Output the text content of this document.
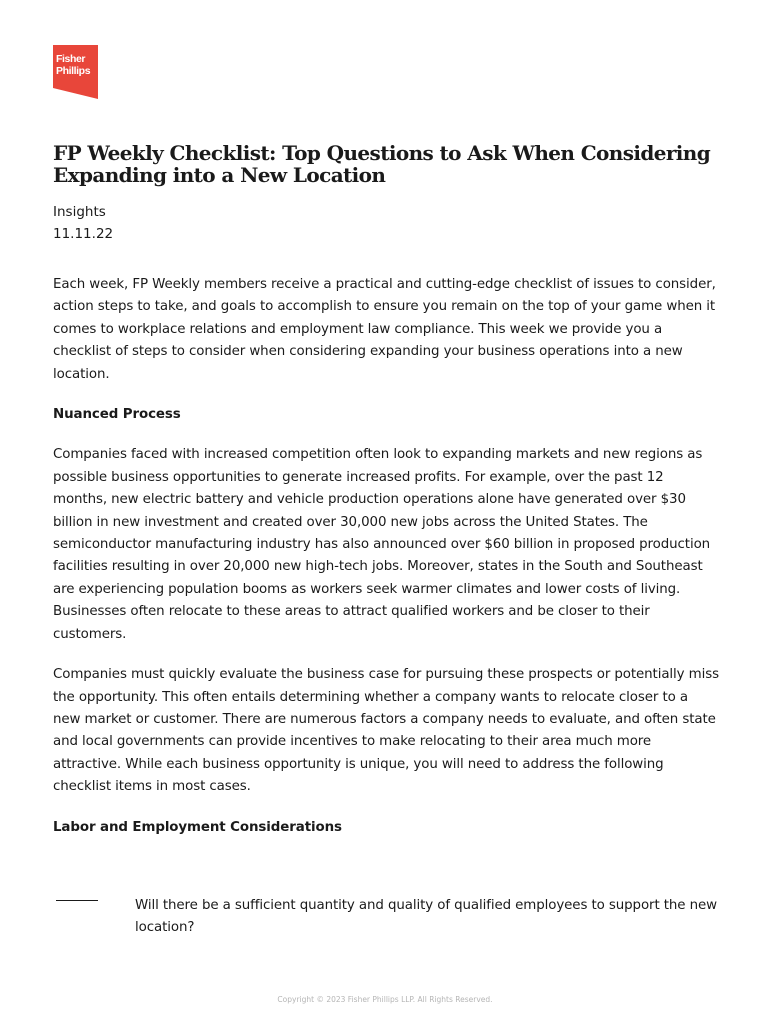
Fisher
Phillips
FP Weekly Checklist: Top Questions to Ask When Considering Expanding into a New Location
Insights
11.11.22

Each week, FP Weekly members receive a practical and cutting-edge checklist of issues to consider, action steps to take, and goals to accomplish to ensure you remain on the top of your game when it comes to workplace relations and employment law compliance. This week we provide you a checklist of steps to consider when considering expanding your business operations into a new location.

Nuanced Process

Companies faced with increased competition often look to expanding markets and new regions as possible business opportunities to generate increased profits. For example, over the past 12 months, new electric battery and vehicle production operations alone have generated over $30 billion in new investment and created over 30,000 new jobs across the United States. The semiconductor manufacturing industry has also announced over $60 billion in proposed production facilities resulting in over 20,000 new high-tech jobs. Moreover, states in the South and Southeast are experiencing population booms as workers seek warmer climates and lower costs of living. Businesses often relocate to these areas to attract qualified workers and be closer to their customers.

Companies must quickly evaluate the business case for pursuing these prospects or potentially miss the opportunity. This often entails determining whether a company wants to relocate closer to a new market or customer. There are numerous factors a company needs to evaluate, and often state and local governments can provide incentives to make relocating to their area much more attractive. While each business opportunity is unique, you will need to address the following checklist items in most cases.

Labor and Employment Considerations
Will there be a sufficient quantity and quality of qualified employees to support the new location?
Copyright © 2023 Fisher Phillips LLP. All Rights Reserved.
